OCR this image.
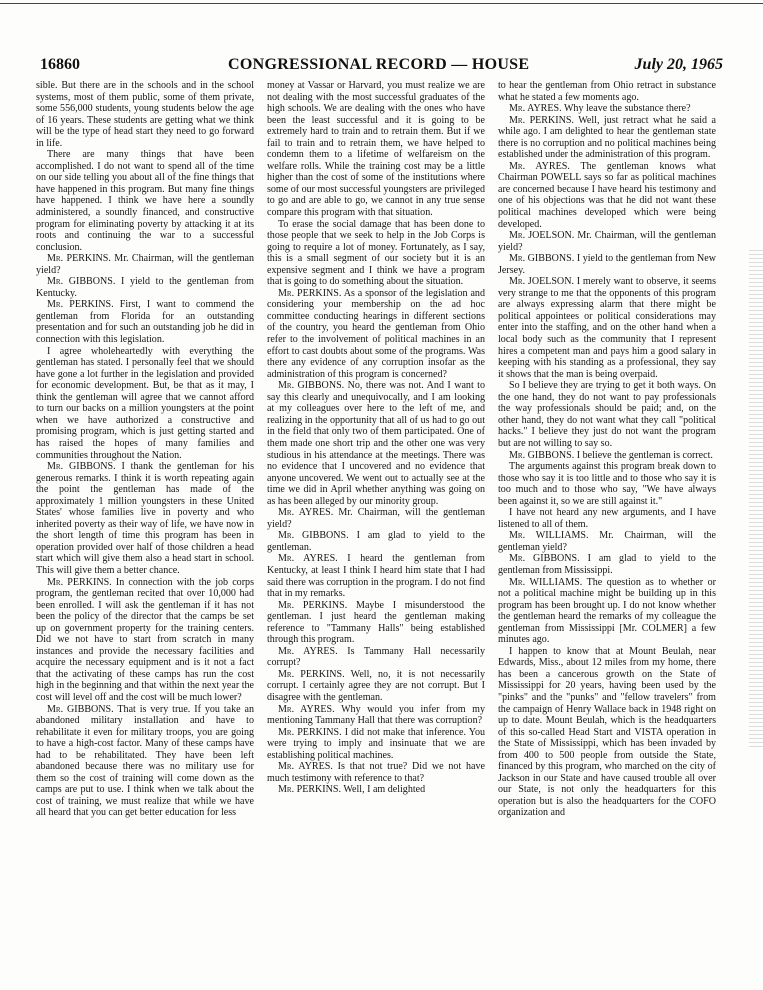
16860	CONGRESSIONAL RECORD — HOUSE	July 20, 1965

sible. But there are in the schools and in the school systems, most of them public, some of them private, some 556,000 students, young students below the age of 16 years. These students are getting what we think will be the type of head start they need to go forward in life.

There are many things that have been accomplished. I do not want to spend all of the time on our side telling you about all of the fine things that have happened in this program. But many fine things have happened. I think we have here a soundly administered, a soundly financed, and constructive program for eliminating poverty by attacking it at its roots and continuing the war to a successful conclusion.

Mr. PERKINS. Mr. Chairman, will the gentleman yield?

Mr. GIBBONS. I yield to the gentleman from Kentucky.

Mr. PERKINS. First, I want to commend the gentleman from Florida for an outstanding presentation and for such an outstanding job he did in connection with this legislation.

I agree wholeheartedly with everything the gentleman has stated. I personally feel that we should have gone a lot further in the legislation and provided for economic development. But, be that as it may, I think the gentleman will agree that we cannot afford to turn our backs on a million youngsters at the point when we have authorized a constructive and promising program, which is just getting started and has raised the hopes of many families and communities throughout the Nation.

Mr. GIBBONS. I thank the gentleman for his generous remarks. I think it is worth repeating again the point the gentleman has made of the approximately 1 million youngsters in these United States' whose families live in poverty and who inherited poverty as their way of life, we have now in the short length of time this program has been in operation provided over half of those children a head start which will give them also a head start in school. This will give them a better chance.

Mr. PERKINS. In connection with the job corps program, the gentleman recited that over 10,000 had been enrolled. I will ask the gentleman if it has not been the policy of the director that the camps be set up on government property for the training centers. Did we not have to start from scratch in many instances and provide the necessary facilities and acquire the necessary equipment and is it not a fact that the activating of these camps has run the cost high in the beginning and that within the next year the cost will level off and the cost will be much lower?

Mr. GIBBONS. That is very true. If you take an abandoned military installation and have to rehabilitate it even for military troops, you are going to have a high-cost factor. Many of these camps have had to be rehabilitated. They have been left abandoned because there was no military use for them so the cost of training will come down as the camps are put to use. I think when we talk about the cost of training, we must realize that while we have all heard that you can get better education for less

money at Vassar or Harvard, you must realize we are not dealing with the most successful graduates of the high schools. We are dealing with the ones who have been the least successful and it is going to be extremely hard to train and to retrain them. But if we fail to train and to retrain them, we have helped to condemn them to a lifetime of welfareism on the welfare rolls. While the training cost may be a little higher than the cost of some of the institutions where some of our most successful youngsters are privileged to go and are able to go, we cannot in any true sense compare this program with that situation.

To erase the social damage that has been done to those people that we seek to help in the Job Corps is going to require a lot of money. Fortunately, as I say, this is a small segment of our society but it is an expensive segment and I think we have a program that is going to do something about the situation.

Mr. PERKINS. As a sponsor of the legislation and considering your membership on the ad hoc committee conducting hearings in different sections of the country, you heard the gentleman from Ohio refer to the involvement of political machines in an effort to cast doubts about some of the programs. Was there any evidence of any corruption insofar as the administration of this program is concerned?

Mr. GIBBONS. No, there was not. And I want to say this clearly and unequivocally, and I am looking at my colleagues over here to the left of me, and realizing in the opportunity that all of us had to go out in the field that only two of them participated. One of them made one short trip and the other one was very studious in his attendance at the meetings. There was no evidence that I uncovered and no evidence that anyone uncovered. We went out to actually see at the time we did in April whether anything was going on as has been alleged by our minority group.

Mr. AYRES. Mr. Chairman, will the gentleman yield?

Mr. GIBBONS. I am glad to yield to the gentleman.

Mr. AYRES. I heard the gentleman from Kentucky, at least I think I heard him state that I had said there was corruption in the program. I do not find that in my remarks.

Mr. PERKINS. Maybe I misunderstood the gentleman. I just heard the gentleman making reference to "Tammany Halls" being established through this program.

Mr. AYRES. Is Tammany Hall necessarily corrupt?

Mr. PERKINS. Well, no, it is not necessarily corrupt. I certainly agree they are not corrupt. But I disagree with the gentleman.

Mr. AYRES. Why would you infer from my mentioning Tammany Hall that there was corruption?

Mr. PERKINS. I did not make that inference. You were trying to imply and insinuate that we are establishing political machines.

Mr. AYRES. Is that not true? Did we not have much testimony with reference to that?

Mr. PERKINS. Well, I am delighted

to hear the gentleman from Ohio retract in substance what he stated a few moments ago.

Mr. AYRES. Why leave the substance there?

Mr. PERKINS. Well, just retract what he said a while ago. I am delighted to hear the gentleman state there is no corruption and no political machines being established under the administration of this program.

Mr. AYRES. The gentleman knows what Chairman POWELL says so far as political machines are concerned because I have heard his testimony and one of his objections was that he did not want these political machines developed which were being developed.

Mr. JOELSON. Mr. Chairman, will the gentleman yield?

Mr. GIBBONS. I yield to the gentleman from New Jersey.

Mr. JOELSON. I merely want to observe, it seems very strange to me that the opponents of this program are always expressing alarm that there might be political appointees or political considerations may enter into the staffing, and on the other hand when a local body such as the community that I represent hires a competent man and pays him a good salary in keeping with his standing as a professional, they say it shows that the man is being overpaid.

So I believe they are trying to get it both ways. On the one hand, they do not want to pay professionals the way professionals should be paid; and, on the other hand, they do not want what they call "political hacks." I believe they just do not want the program but are not willing to say so.

Mr. GIBBONS. I believe the gentleman is correct.

The arguments against this program break down to those who say it is too little and to those who say it is too much and to those who say, "We have always been against it, so we are still against it."

I have not heard any new arguments, and I have listened to all of them.

Mr. WILLIAMS. Mr. Chairman, will the gentleman yield?

Mr. GIBBONS. I am glad to yield to the gentleman from Mississippi.

Mr. WILLIAMS. The question as to whether or not a political machine might be building up in this program has been brought up. I do not know whether the gentleman heard the remarks of my colleague the gentleman from Mississippi [Mr. COLMER] a few minutes ago.

I happen to know that at Mount Beulah, near Edwards, Miss., about 12 miles from my home, there has been a cancerous growth on the State of Mississippi for 20 years, having been used by the "pinks" and the "punks" and "fellow travelers" from the campaign of Henry Wallace back in 1948 right on up to date. Mount Beulah, which is the headquarters of this so-called Head Start and VISTA operation in the State of Mississippi, which has been invaded by from 400 to 500 people from outside the State, financed by this program, who marched on the city of Jackson in our State and have caused trouble all over our State, is not only the headquarters for this operation but is also the headquarters for the COFO organization and
